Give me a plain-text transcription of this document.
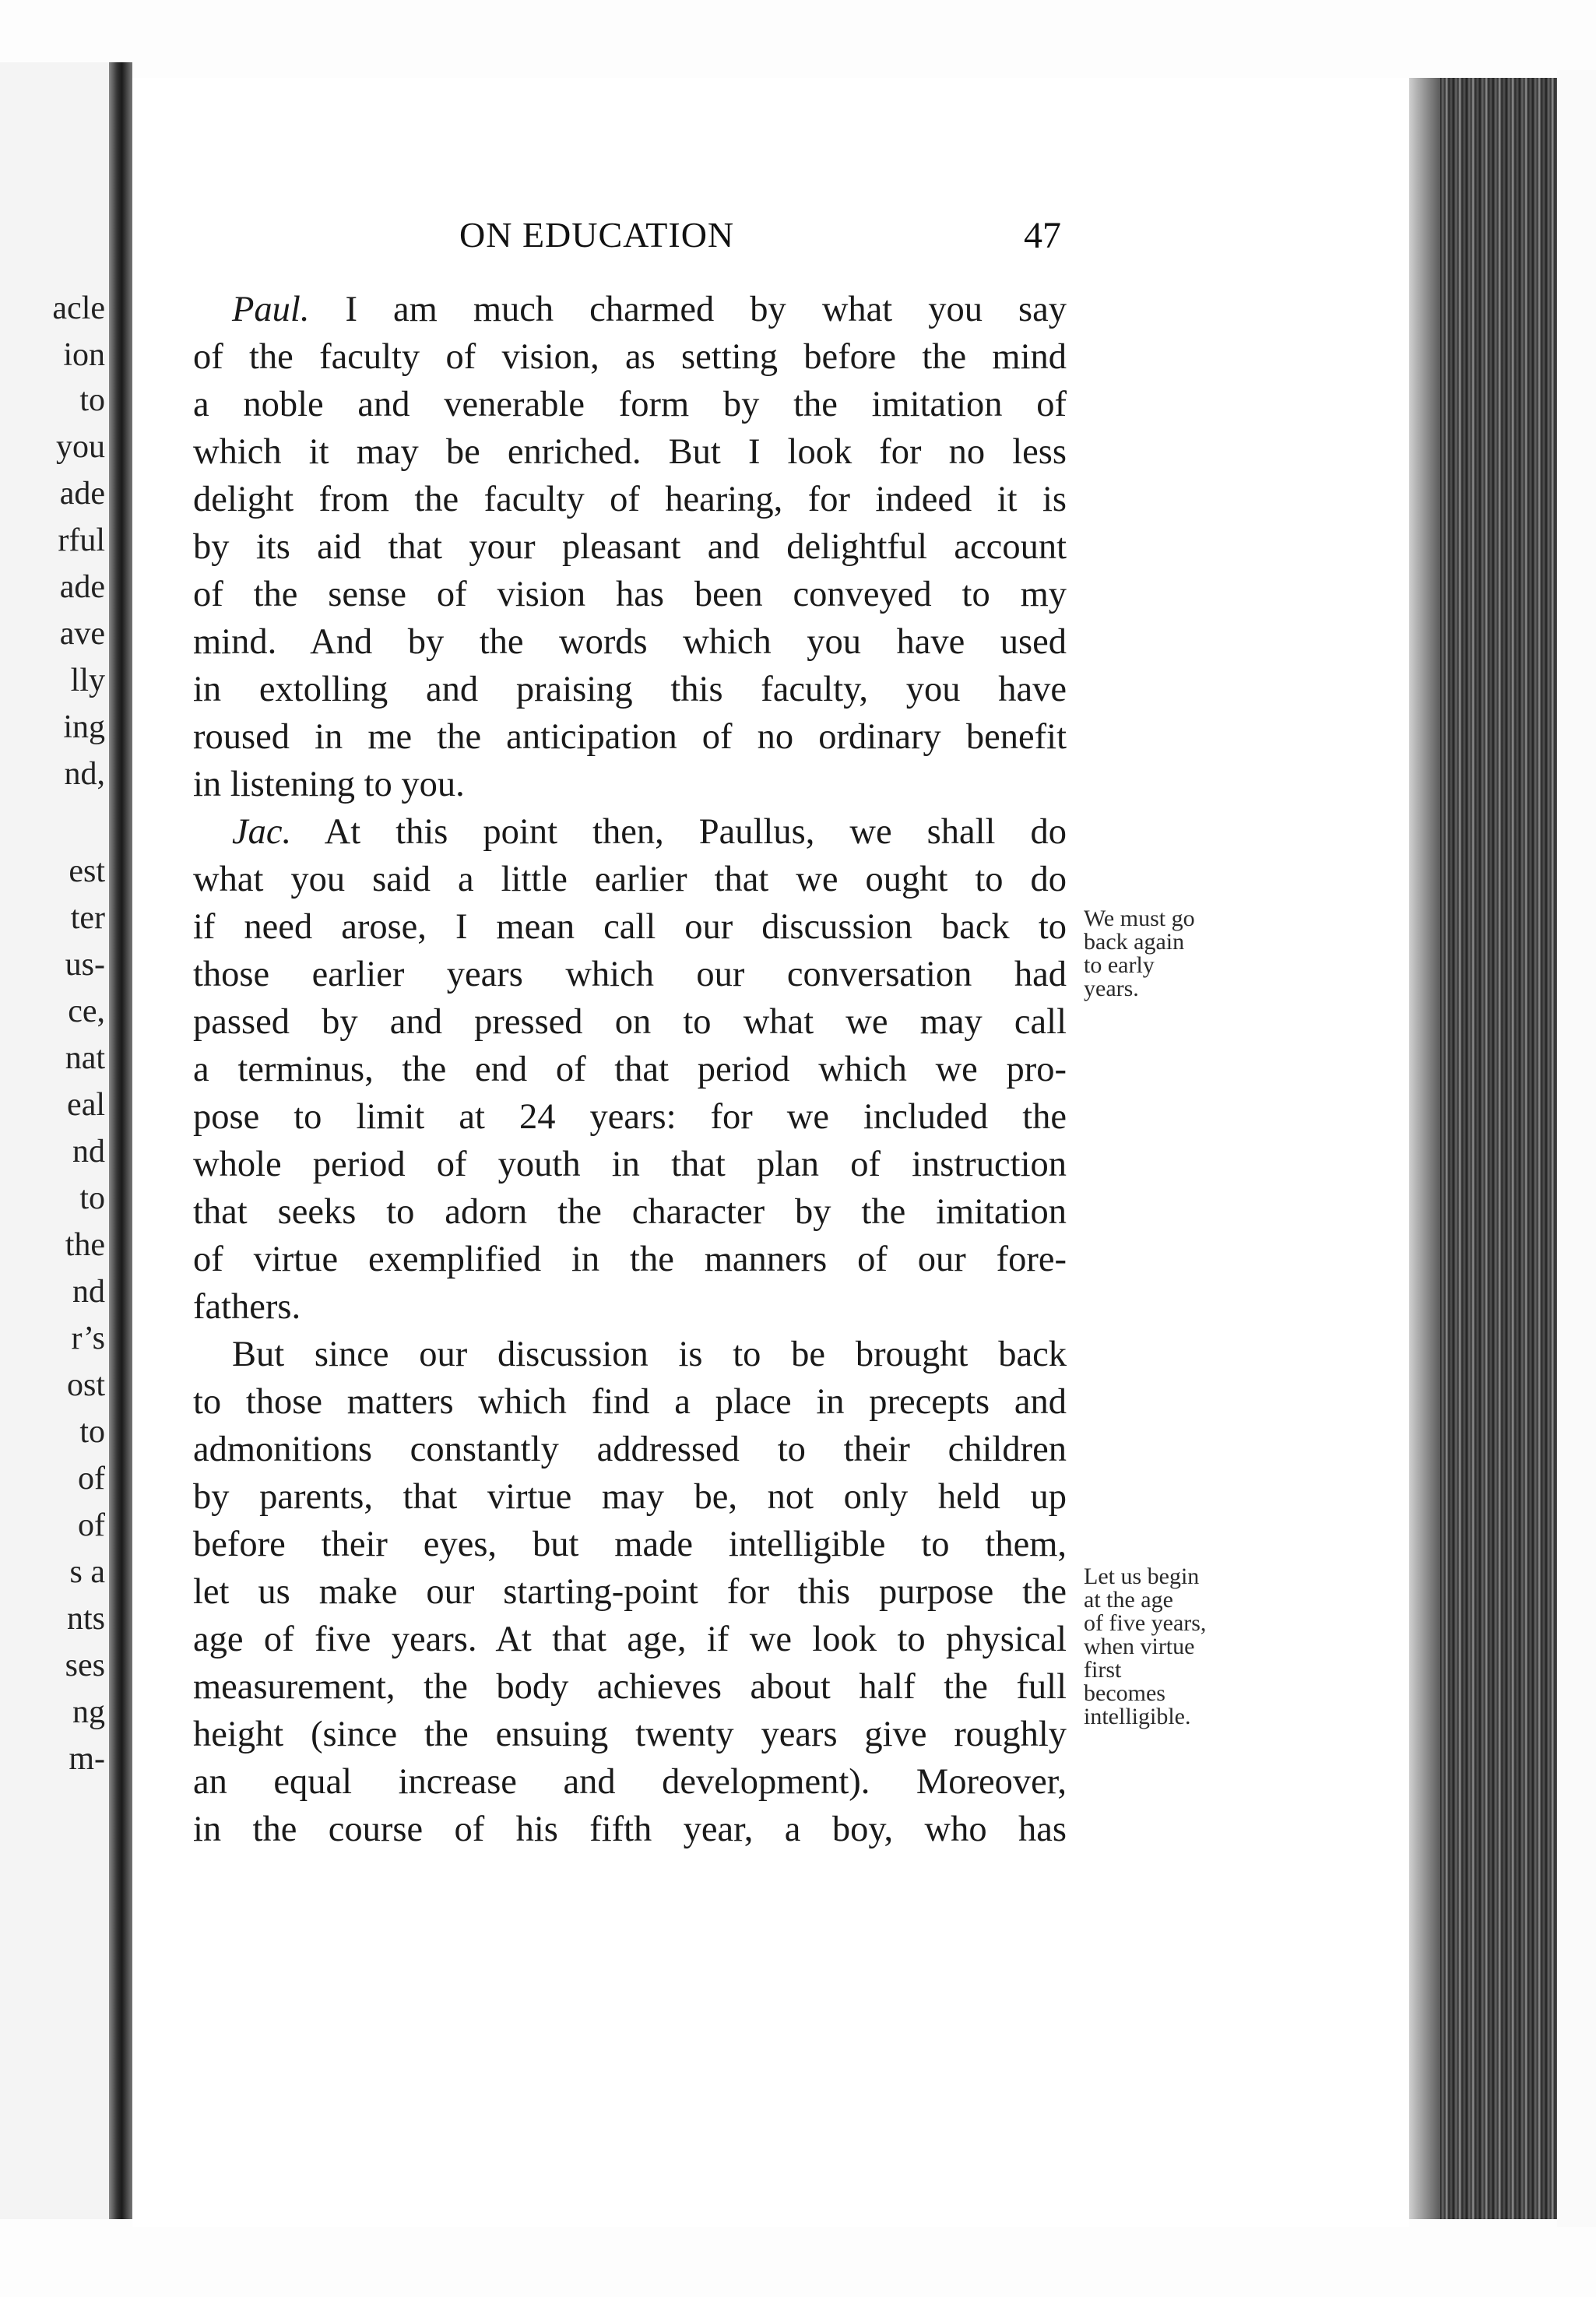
acle
ion
to
you
ade
rful
ade
ave
lly
ing
nd,
est
ter
us-
ce,
nat
eal
nd
to
the
nd
r’s
ost
to
of
of
s a
nts
ses
ng
m-
ON EDUCATION	47
Paul. I am much charmed by what you say
of the faculty of vision, as setting before the mind
a noble and venerable form by the imitation of
which it may be enriched. But I look for no less
delight from the faculty of hearing, for indeed it is
by its aid that your pleasant and delightful account
of the sense of vision has been conveyed to my
mind. And by the words which you have used
in extolling and praising this faculty, you have
roused in me the anticipation of no ordinary benefit
in listening to you.
Jac. At this point then, Paullus, we shall do
what you said a little earlier that we ought to do
if need arose, I mean call our discussion back to
those earlier years which our conversation had
passed by and pressed on to what we may call
a terminus, the end of that period which we pro-
pose to limit at 24 years: for we included the
whole period of youth in that plan of instruction
that seeks to adorn the character by the imitation
of virtue exemplified in the manners of our fore-
fathers.
But since our discussion is to be brought back
to those matters which find a place in precepts and
admonitions constantly addressed to their children
by parents, that virtue may be, not only held up
before their eyes, but made intelligible to them,
let us make our starting-point for this purpose the
age of five years. At that age, if we look to physical
measurement, the body achieves about half the full
height (since the ensuing twenty years give roughly
an equal increase and development). Moreover,
in the course of his fifth year, a boy, who has
We must go
back again
to early
years.
Let us begin
at the age
of five years,
when virtue
first
becomes
intelligible.
